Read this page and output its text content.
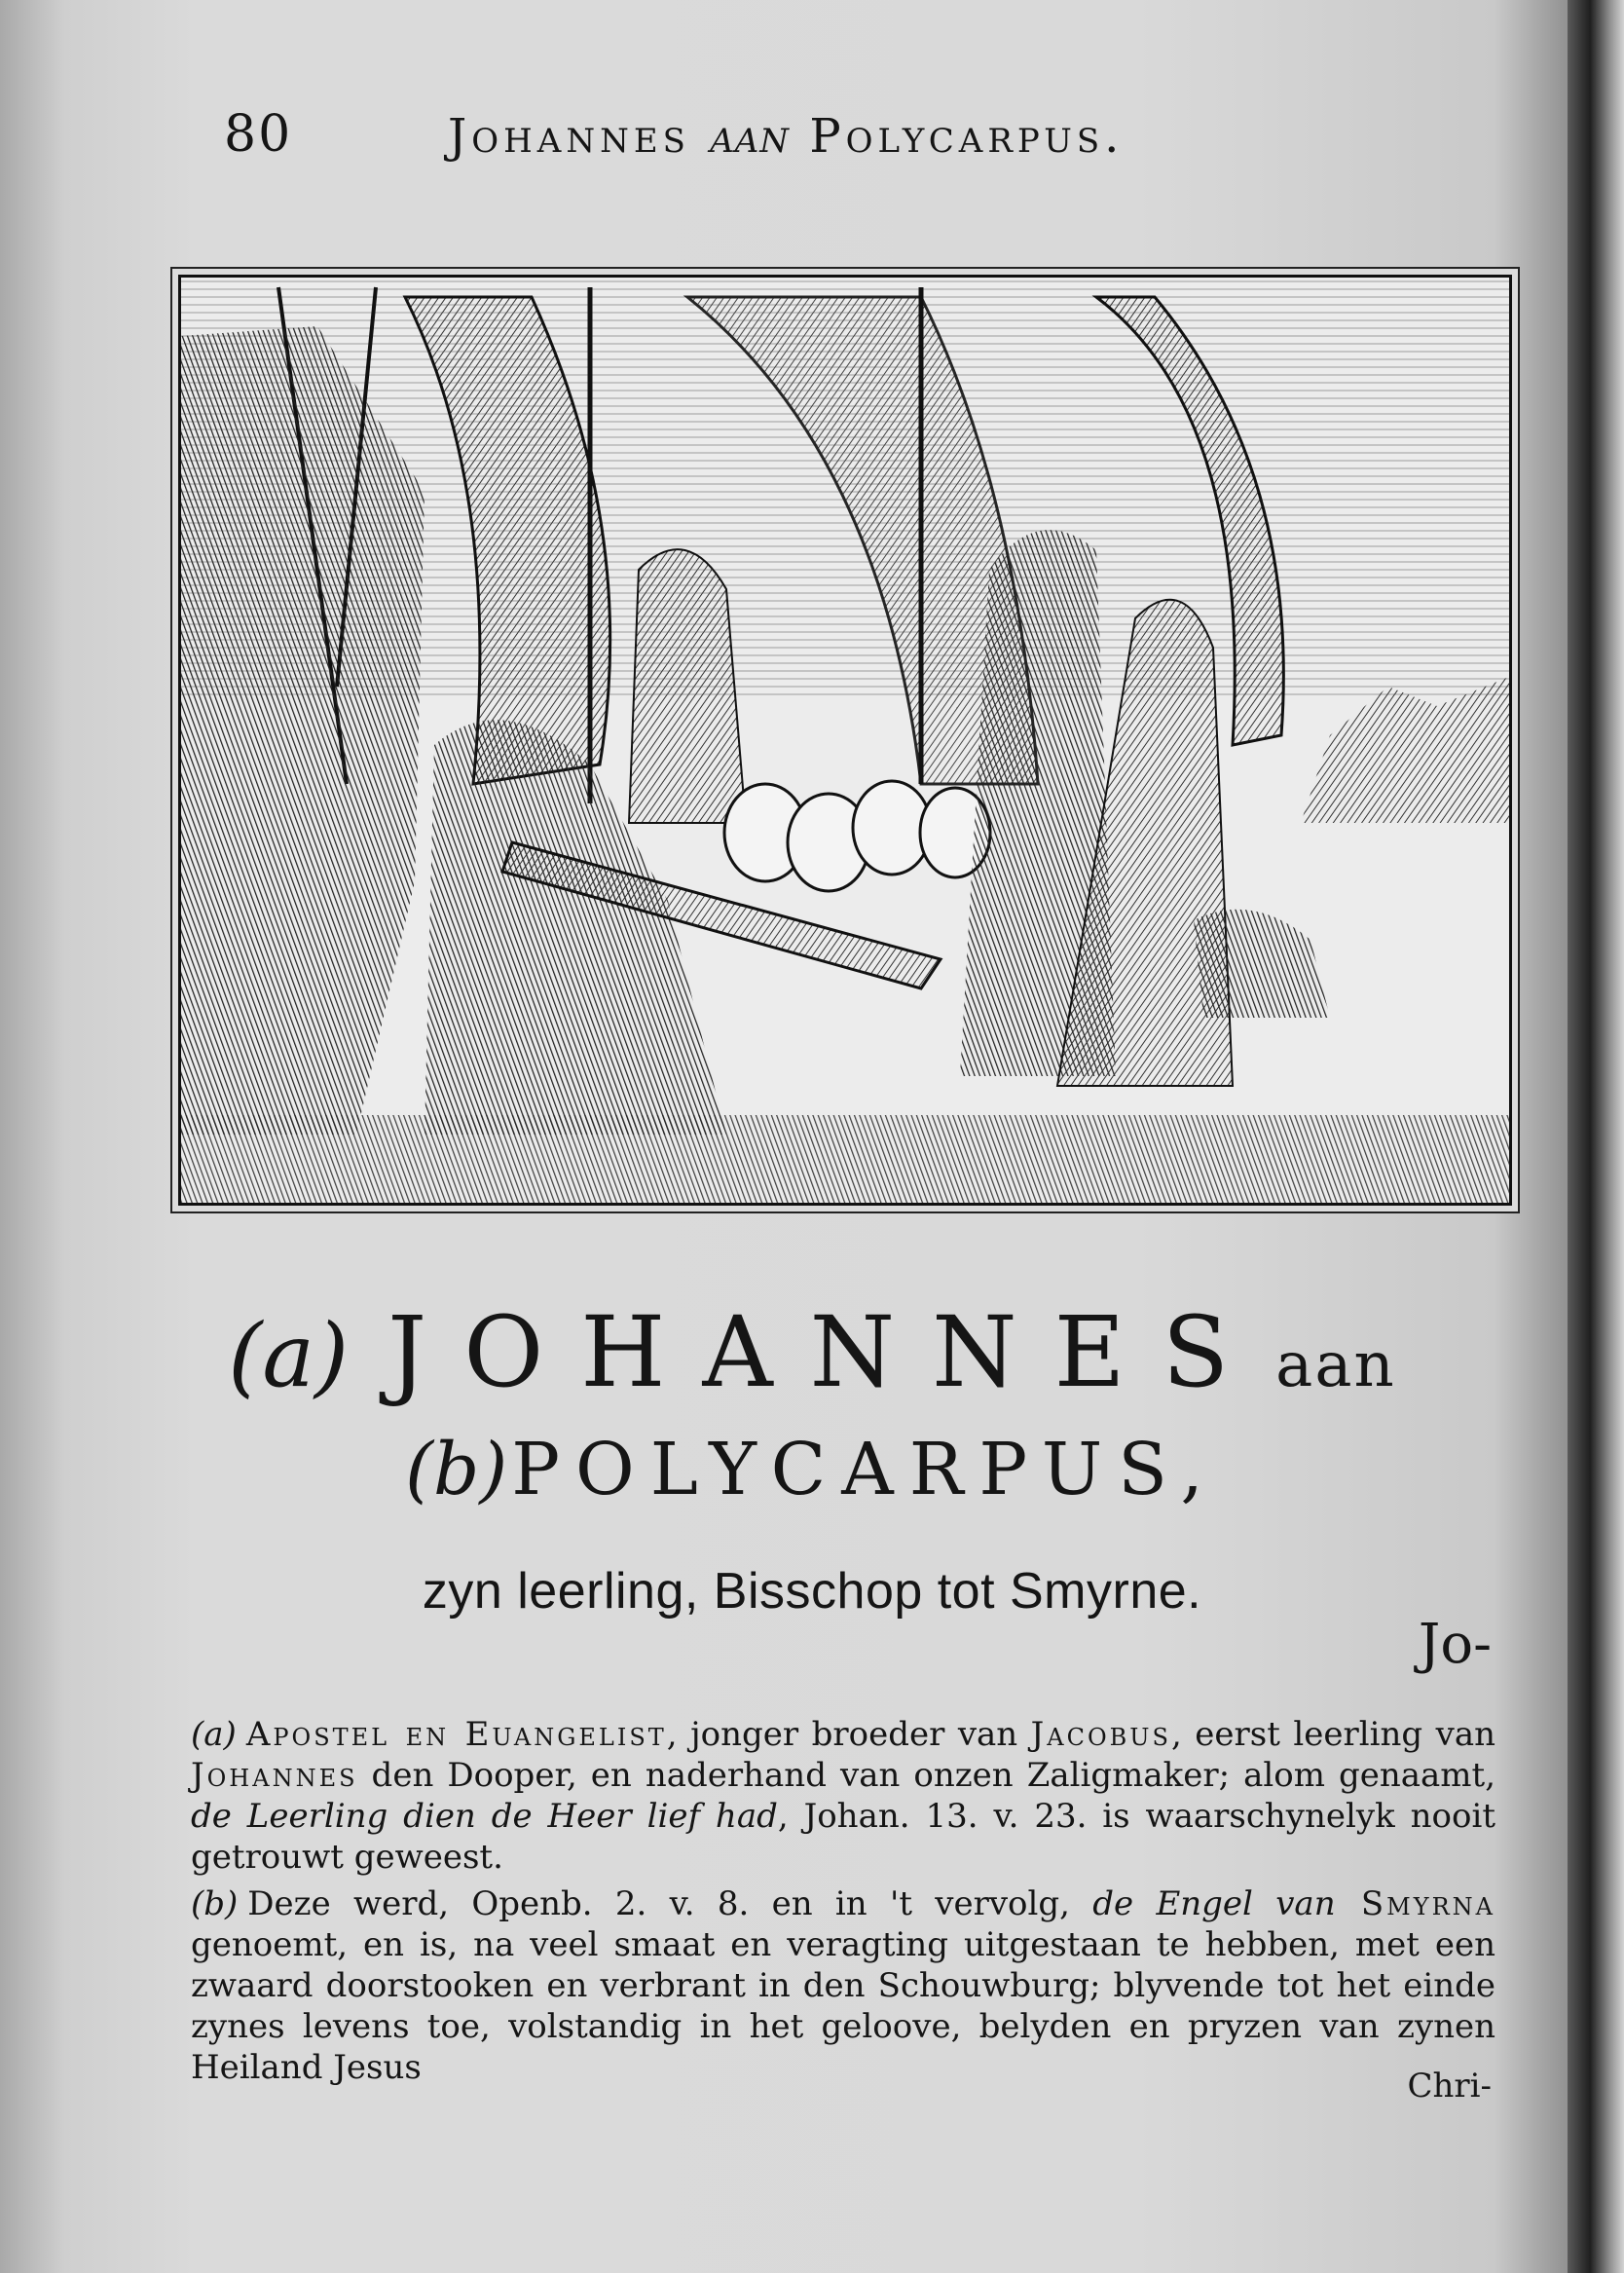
80	Johannes aan Polycarpus.
(a) JOHANNES aan
(b)POLYCARPUS,
zyn leerling, Bisschop tot Smyrne.
Jo-

(a) Apostel en Euangelist, jonger broeder van Jacobus, eerst leerling van Johannes den Dooper, en naderhand van onzen Zaligmaker; alom genaamt, de Leerling dien de Heer lief had, Johan. 13. v. 23. is waarschynelyk nooit getrouwt geweest.

(b) Deze werd, Openb. 2. v. 8. en in 't vervolg, de Engel van Smyrna genoemt, en is, na veel smaat en veragting uitgestaan te hebben, met een zwaard doorstooken en verbrant in den Schouwburg; blyvende tot het einde zynes levens toe, volstandig in het geloove, belyden en pryzen van zynen Heiland Jesus	Chri-
